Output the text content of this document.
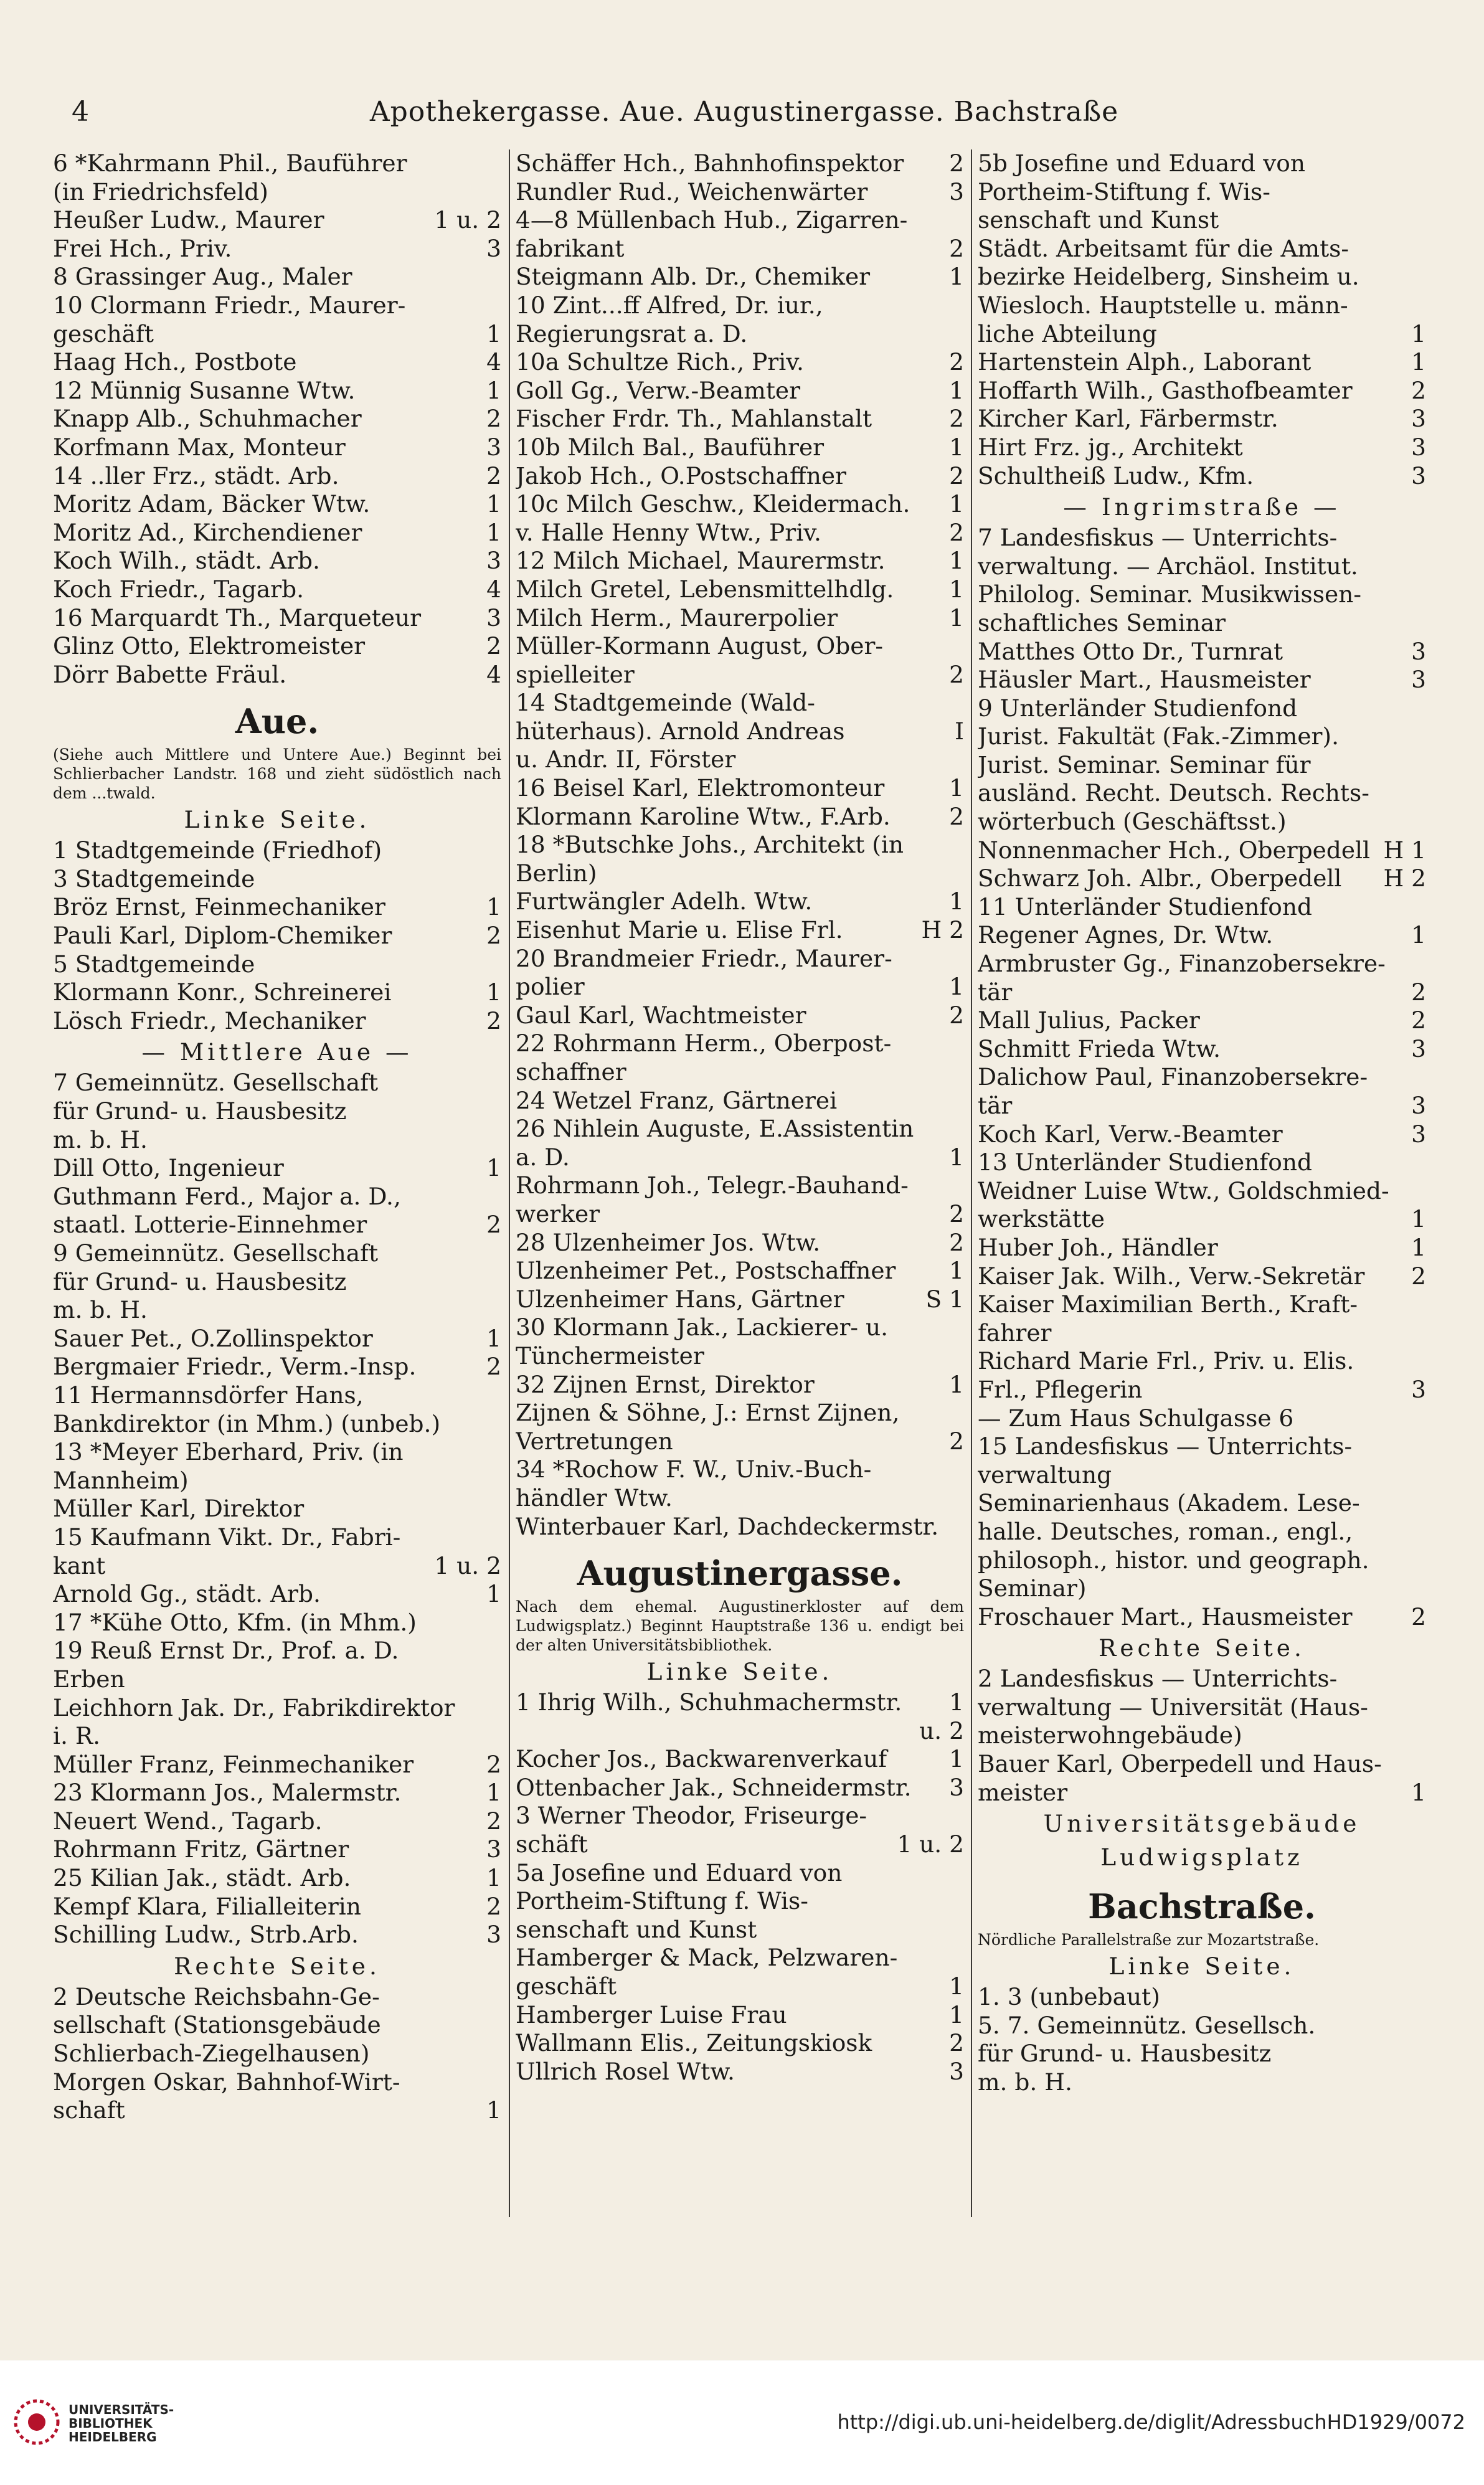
4	Apothekergasse. Aue. Augustinergasse. Bachstraße
6 *Kahrmann Phil., Bauführer
(in Friedrichsfeld)
Heußer Ludw., Maurer	1 u. 2
Frei Hch., Priv.	3
8 Grassinger Aug., Maler
10 Clormann Friedr., Maurer-
geschäft	1
Haag Hch., Postbote	4
12 Münnig Susanne Wtw.	1
Knapp Alb., Schuhmacher	2
Korfmann Max, Monteur	3
14 ..ller Frz., städt. Arb.	2
Moritz Adam, Bäcker Wtw.	1
Moritz Ad., Kirchendiener	1
Koch Wilh., städt. Arb.	3
Koch Friedr., Tagarb.	4
16 Marquardt Th., Marqueteur	3
Glinz Otto, Elektromeister	2
Dörr Babette Fräul.	4
Aue.
(Siehe auch Mittlere und Untere Aue.) Beginnt bei Schlierbacher Landstr. 168 und zieht südöstlich nach dem ...twald.
Linke Seite.
1 Stadtgemeinde (Friedhof)
3 Stadtgemeinde
Bröz Ernst, Feinmechaniker	1
Pauli Karl, Diplom-Chemiker	2
5 Stadtgemeinde
Klormann Konr., Schreinerei	1
Lösch Friedr., Mechaniker	2
— Mittlere Aue —
7 Gemeinnütz. Gesellschaft
für Grund- u. Hausbesitz
m. b. H.
Dill Otto, Ingenieur	1
Guthmann Ferd., Major a. D.,
staatl. Lotterie-Einnehmer	2
9 Gemeinnütz. Gesellschaft
für Grund- u. Hausbesitz
m. b. H.
Sauer Pet., O.Zollinspektor	1
Bergmaier Friedr., Verm.-Insp.	2
11 Hermannsdörfer Hans,
Bankdirektor (in Mhm.) (unbeb.)
13 *Meyer Eberhard, Priv. (in
Mannheim)
Müller Karl, Direktor
15 Kaufmann Vikt. Dr., Fabri-
kant	1 u. 2
Arnold Gg., städt. Arb.	1
17 *Kühe Otto, Kfm. (in Mhm.)
19 Reuß Ernst Dr., Prof. a. D.
Erben
Leichhorn Jak. Dr., Fabrikdirektor
i. R.
Müller Franz, Feinmechaniker	2
23 Klormann Jos., Malermstr.	1
Neuert Wend., Tagarb.	2
Rohrmann Fritz, Gärtner	3
25 Kilian Jak., städt. Arb.	1
Kempf Klara, Filialleiterin	2
Schilling Ludw., Strb.Arb.	3
Rechte Seite.
2 Deutsche Reichsbahn-Ge-
sellschaft (Stationsgebäude
Schlierbach-Ziegelhausen)
Morgen Oskar, Bahnhof-Wirt-
schaft	1
Schäffer Hch., Bahnhofinspektor	2
Rundler Rud., Weichenwärter	3
4—8 Müllenbach Hub., Zigarren-
fabrikant	2
Steigmann Alb. Dr., Chemiker	1
10 Zint...ff Alfred, Dr. iur.,
Regierungsrat a. D.
10a Schultze Rich., Priv.	2
Goll Gg., Verw.-Beamter	1
Fischer Frdr. Th., Mahlanstalt	2
10b Milch Bal., Bauführer	1
Jakob Hch., O.Postschaffner	2
10c Milch Geschw., Kleidermach.	1
v. Halle Henny Wtw., Priv.	2
12 Milch Michael, Maurermstr.	1
Milch Gretel, Lebensmittelhdlg.	1
Milch Herm., Maurerpolier	1
Müller-Kormann August, Ober-
spielleiter	2
14 Stadtgemeinde (Wald-
hüterhaus). Arnold Andreas	I
u. Andr. II, Förster
16 Beisel Karl, Elektromonteur	1
Klormann Karoline Wtw., F.Arb.	2
18 *Butschke Johs., Architekt (in
Berlin)
Furtwängler Adelh. Wtw.	1
Eisenhut Marie u. Elise Frl.	H 2
20 Brandmeier Friedr., Maurer-
polier	1
Gaul Karl, Wachtmeister	2
22 Rohrmann Herm., Oberpost-
schaffner
24 Wetzel Franz, Gärtnerei
26 Nihlein Auguste, E.Assistentin
a. D.	1
Rohrmann Joh., Telegr.-Bauhand-
werker	2
28 Ulzenheimer Jos. Wtw.	2
Ulzenheimer Pet., Postschaffner	1
Ulzenheimer Hans, Gärtner	S 1
30 Klormann Jak., Lackierer- u.
Tünchermeister
32 Zijnen Ernst, Direktor	1
Zijnen & Söhne, J.: Ernst Zijnen,
Vertretungen	2
34 *Rochow F. W., Univ.-Buch-
händler Wtw.
Winterbauer Karl, Dachdeckermstr.
Augustinergasse.
Nach dem ehemal. Augustinerkloster auf dem Ludwigsplatz.) Beginnt Hauptstraße 136 u. endigt bei der alten Universitätsbibliothek.
Linke Seite.
1 Ihrig Wilh., Schuhmachermstr.	1
u. 2
Kocher Jos., Backwarenverkauf	1
Ottenbacher Jak., Schneidermstr.	3
3 Werner Theodor, Friseurge-
schäft	1 u. 2
5a Josefine und Eduard von
Portheim-Stiftung f. Wis-
senschaft und Kunst
Hamberger & Mack, Pelzwaren-
geschäft	1
Hamberger Luise Frau	1
Wallmann Elis., Zeitungskiosk	2
Ullrich Rosel Wtw.	3
5b Josefine und Eduard von
Portheim-Stiftung f. Wis-
senschaft und Kunst
Städt. Arbeitsamt für die Amts-
bezirke Heidelberg, Sinsheim u.
Wiesloch. Hauptstelle u. männ-
liche Abteilung	1
Hartenstein Alph., Laborant	1
Hoffarth Wilh., Gasthofbeamter	2
Kircher Karl, Färbermstr.	3
Hirt Frz. jg., Architekt	3
Schultheiß Ludw., Kfm.	3
— Ingrimstraße —
7 Landesfiskus — Unterrichts-
verwaltung. — Archäol. Institut.
Philolog. Seminar. Musikwissen-
schaftliches Seminar
Matthes Otto Dr., Turnrat	3
Häusler Mart., Hausmeister	3
9 Unterländer Studienfond
Jurist. Fakultät (Fak.-Zimmer).
Jurist. Seminar. Seminar für
ausländ. Recht. Deutsch. Rechts-
wörterbuch (Geschäftsst.)
Nonnenmacher Hch., Oberpedell H 1
Schwarz Joh. Albr., Oberpedell	H 2
11 Unterländer Studienfond
Regener Agnes, Dr. Wtw.	1
Armbruster Gg., Finanzobersekre-
tär	2
Mall Julius, Packer	2
Schmitt Frieda Wtw.	3
Dalichow Paul, Finanzobersekre-
tär	3
Koch Karl, Verw.-Beamter	3
13 Unterländer Studienfond
Weidner Luise Wtw., Goldschmied-
werkstätte	1
Huber Joh., Händler	1
Kaiser Jak. Wilh., Verw.-Sekretär	2
Kaiser Maximilian Berth., Kraft-
fahrer
Richard Marie Frl., Priv. u. Elis.
Frl., Pflegerin	3
— Zum Haus Schulgasse 6
15 Landesfiskus — Unterrichts-
verwaltung
Seminarienhaus (Akadem. Lese-
halle. Deutsches, roman., engl.,
philosoph., histor. und geograph.
Seminar)
Froschauer Mart., Hausmeister	2
Rechte Seite.
2 Landesfiskus — Unterrichts-
verwaltung — Universität (Haus-
meisterwohngebäude)
Bauer Karl, Oberpedell und Haus-
meister	1
Universitätsgebäude
Ludwigsplatz
Bachstraße.
Nördliche Parallelstraße zur Mozartstraße.
Linke Seite.
1. 3 (unbebaut)
5. 7. Gemeinnütz. Gesellsch.
für Grund- u. Hausbesitz
m. b. H.
UNIVERSITÄTS-
BIBLIOTHEK
HEIDELBERG
http://digi.ub.uni-heidelberg.de/diglit/AdressbuchHD1929/0072
